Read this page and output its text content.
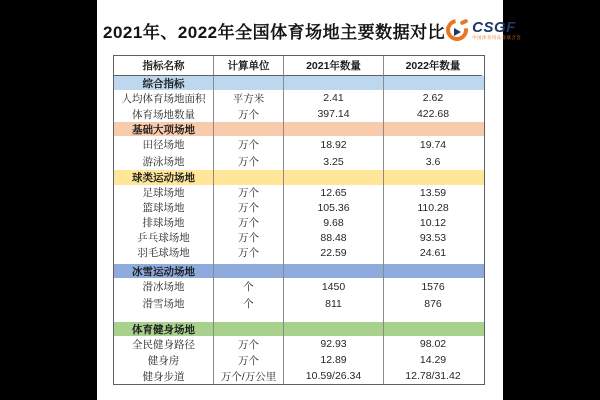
2021年、2022年全国体育场地主要数据对比 CSGF
中国体育用品业联合会
指标名称	计算单位	2021年数量	2022年数量
综合指标
人均体育场地面积	平方米	2.41	2.62
体育场地数量	万个	397.14	422.68
基础大项场地
田径场地	万个	18.92	19.74
游泳场地	万个	3.25	3.6
球类运动场地
足球场地	万个	12.65	13.59
篮球场地	万个	105.36	110.28
排球场地	万个	9.68	10.12
乒乓球场地	万个	88.48	93.53
羽毛球场地	万个	22.59	24.61
冰雪运动场地
滑冰场地	个	1450	1576
滑雪场地	个	811	876
体育健身场地
全民健身路径	万个	92.93	98.02
健身房	万个	12.89	14.29
健身步道	万个/万公里	10.59/26.34	12.78/31.42
